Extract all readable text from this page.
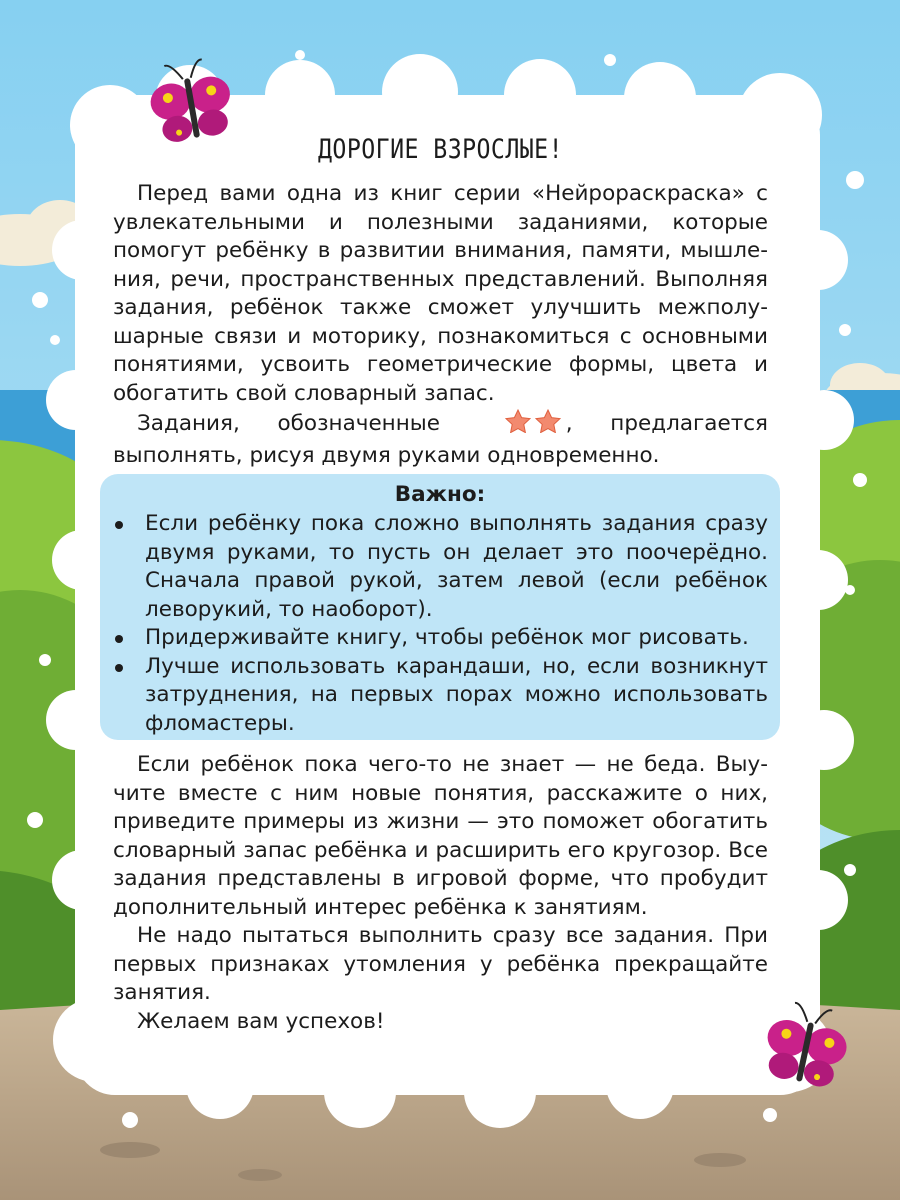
ДОРОГИЕ ВЗРОСЛЫЕ!

Перед вами одна из книг серии «Нейрораскраска» с увлекательными и полезными заданиями, которые помогут ребёнку в развитии внимания, памяти, мышления, речи, пространственных представлений. Выполняя задания, ребёнок также сможет улучшить межполушарные связи и моторику, познакомиться с основными понятиями, усвоить геометрические формы, цвета и обогатить свой словарный запас.

Задания, обозначенные	, предлагается выполнять, рисуя двумя руками одновременно.

Важно:
Если ребёнку пока сложно выполнять задания сразу двумя руками, то пусть он делает это поочерёдно. Сначала правой рукой, затем левой (если ребёнок леворукий, то наоборот).
Придерживайте книгу, чтобы ребёнок мог рисовать.
Лучше использовать карандаши, но, если возникнут затруднения, на первых порах можно использовать фломастеры.

Если ребёнок пока чего-то не знает — не беда. Выучите вместе с ним новые понятия, расскажите о них, приведите примеры из жизни — это поможет обогатить словарный запас ребёнка и расширить его кругозор. Все задания представлены в игровой форме, что пробудит дополнительный интерес ребёнка к занятиям.

Не надо пытаться выполнить сразу все задания. При первых признаках утомления у ребёнка прекращайте занятия.

Желаем вам успехов!
